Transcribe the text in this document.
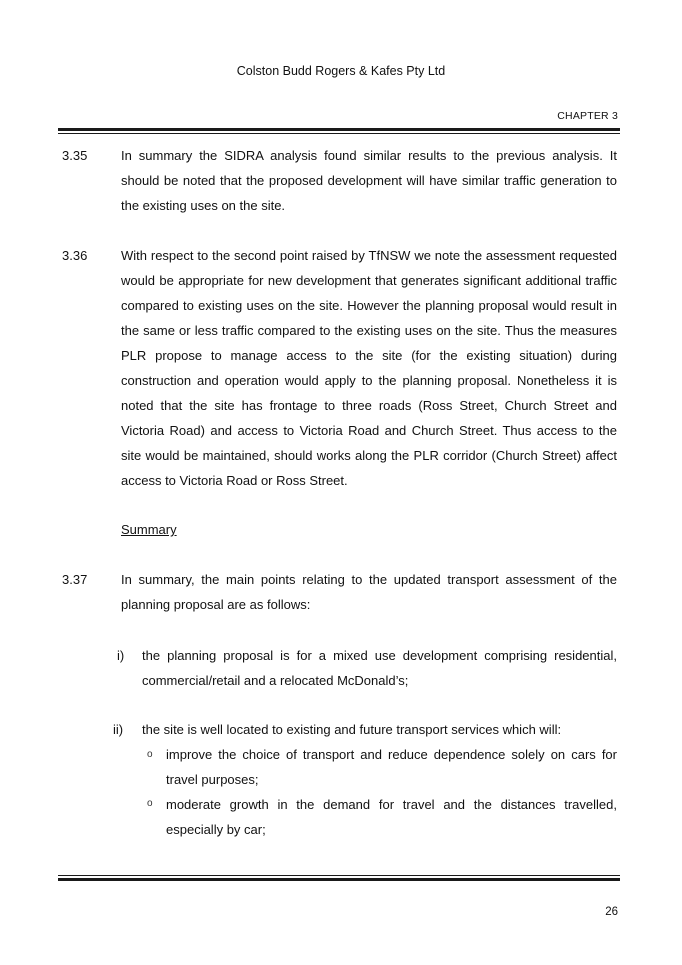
Colston Budd Rogers & Kafes Pty Ltd
CHAPTER 3
3.35	In summary the SIDRA analysis found similar results to the previous analysis. It should be noted that the proposed development will have similar traffic generation to the existing uses on the site.
3.36	With respect to the second point raised by TfNSW we note the assessment requested would be appropriate for new development that generates significant additional traffic compared to existing uses on the site. However the planning proposal would result in the same or less traffic compared to the existing uses on the site. Thus the measures PLR propose to manage access to the site (for the existing situation) during construction and operation would apply to the planning proposal. Nonetheless it is noted that the site has frontage to three roads (Ross Street, Church Street and Victoria Road) and access to Victoria Road and Church Street. Thus access to the site would be maintained, should works along the PLR corridor (Church Street) affect access to Victoria Road or Ross Street.
Summary
3.37	In summary, the main points relating to the updated transport assessment of the planning proposal are as follows:
i) the planning proposal is for a mixed use development comprising residential, commercial/retail and a relocated McDonald’s;
ii) the site is well located to existing and future transport services which will:
o improve the choice of transport and reduce dependence solely on cars for travel purposes;
o moderate growth in the demand for travel and the distances travelled, especially by car;
26
